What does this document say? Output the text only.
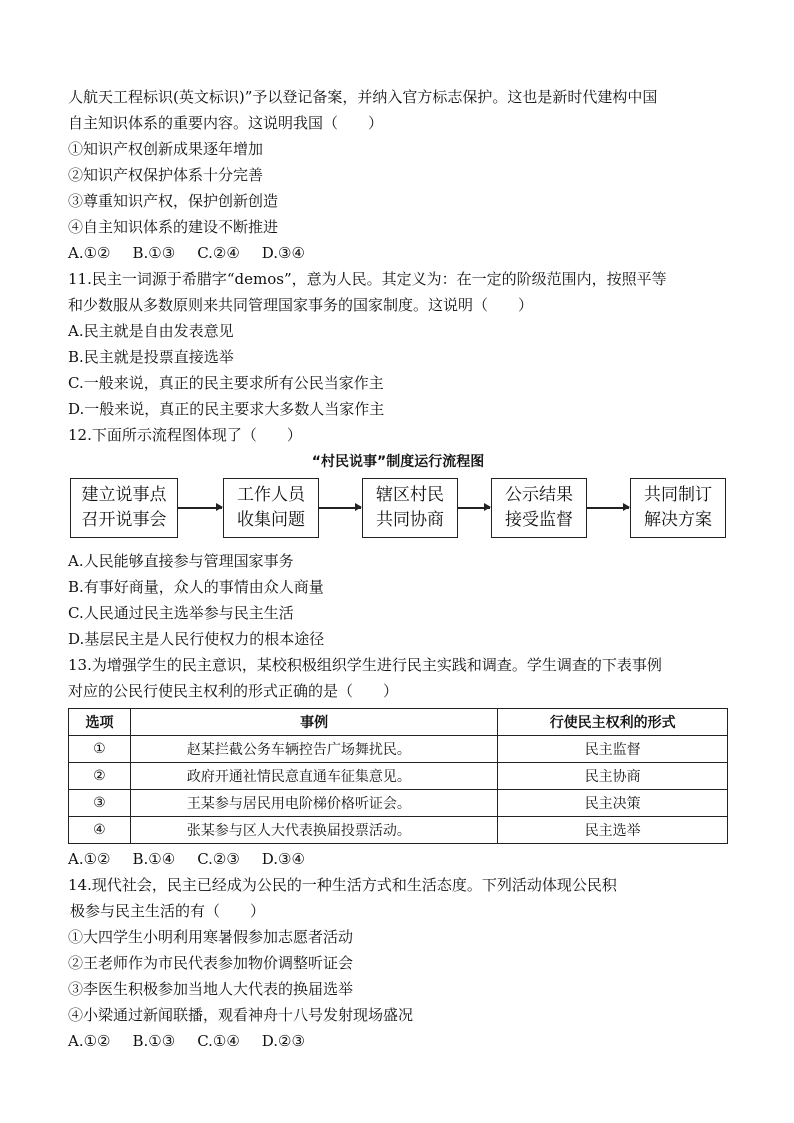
人航天工程标识(英文标识)”予以登记备案，并纳入官方标志保护。这也是新时代建构中国
自主知识体系的重要内容。这说明我国（　　）
①知识产权创新成果逐年增加
②知识产权保护体系十分完善
③尊重知识产权，保护创新创造
④自主知识体系的建设不断推进
A.①② B.①③ C.②④ D.③④
11.民主一词源于希腊字“demos”，意为人民。其定义为：在一定的阶级范围内，按照平等
和少数服从多数原则来共同管理国家事务的国家制度。这说明（　　）
A.民主就是自由发表意见
B.民主就是投票直接选举
C.一般来说，真正的民主要求所有公民当家作主
D.一般来说，真正的民主要求大多数人当家作主
12.下面所示流程图体现了（　　）
“村民说事”制度运行流程图
建立说事点
召开说事会
工作人员
收集问题
辖区村民
共同协商
公示结果
接受监督
共同制订
解决方案
A.人民能够直接参与管理国家事务
B.有事好商量，众人的事情由众人商量
C.人民通过民主选举参与民主生活
D.基层民主是人民行使权力的根本途径
13.为增强学生的民主意识，某校积极组织学生进行民主实践和调查。学生调查的下表事例
对应的公民行使民主权利的形式正确的是（　　）
选项	事例	行使民主权利的形式
①	赵某拦截公务车辆控告广场舞扰民。	民主监督
②	政府开通社情民意直通车征集意见。	民主协商
③	王某参与居民用电阶梯价格听证会。	民主决策
④	张某参与区人大代表换届投票活动。	民主选举
A.①② B.①④ C.②③ D.③④
14.现代社会，民主已经成为公民的一种生活方式和生活态度。下列活动体现公民积
极参与民主生活的有（　　）
①大四学生小明利用寒暑假参加志愿者活动
②王老师作为市民代表参加物价调整听证会
③李医生积极参加当地人大代表的换届选举
④小梁通过新闻联播，观看神舟十八号发射现场盛况
A.①② B.①③ C.①④ D.②③
